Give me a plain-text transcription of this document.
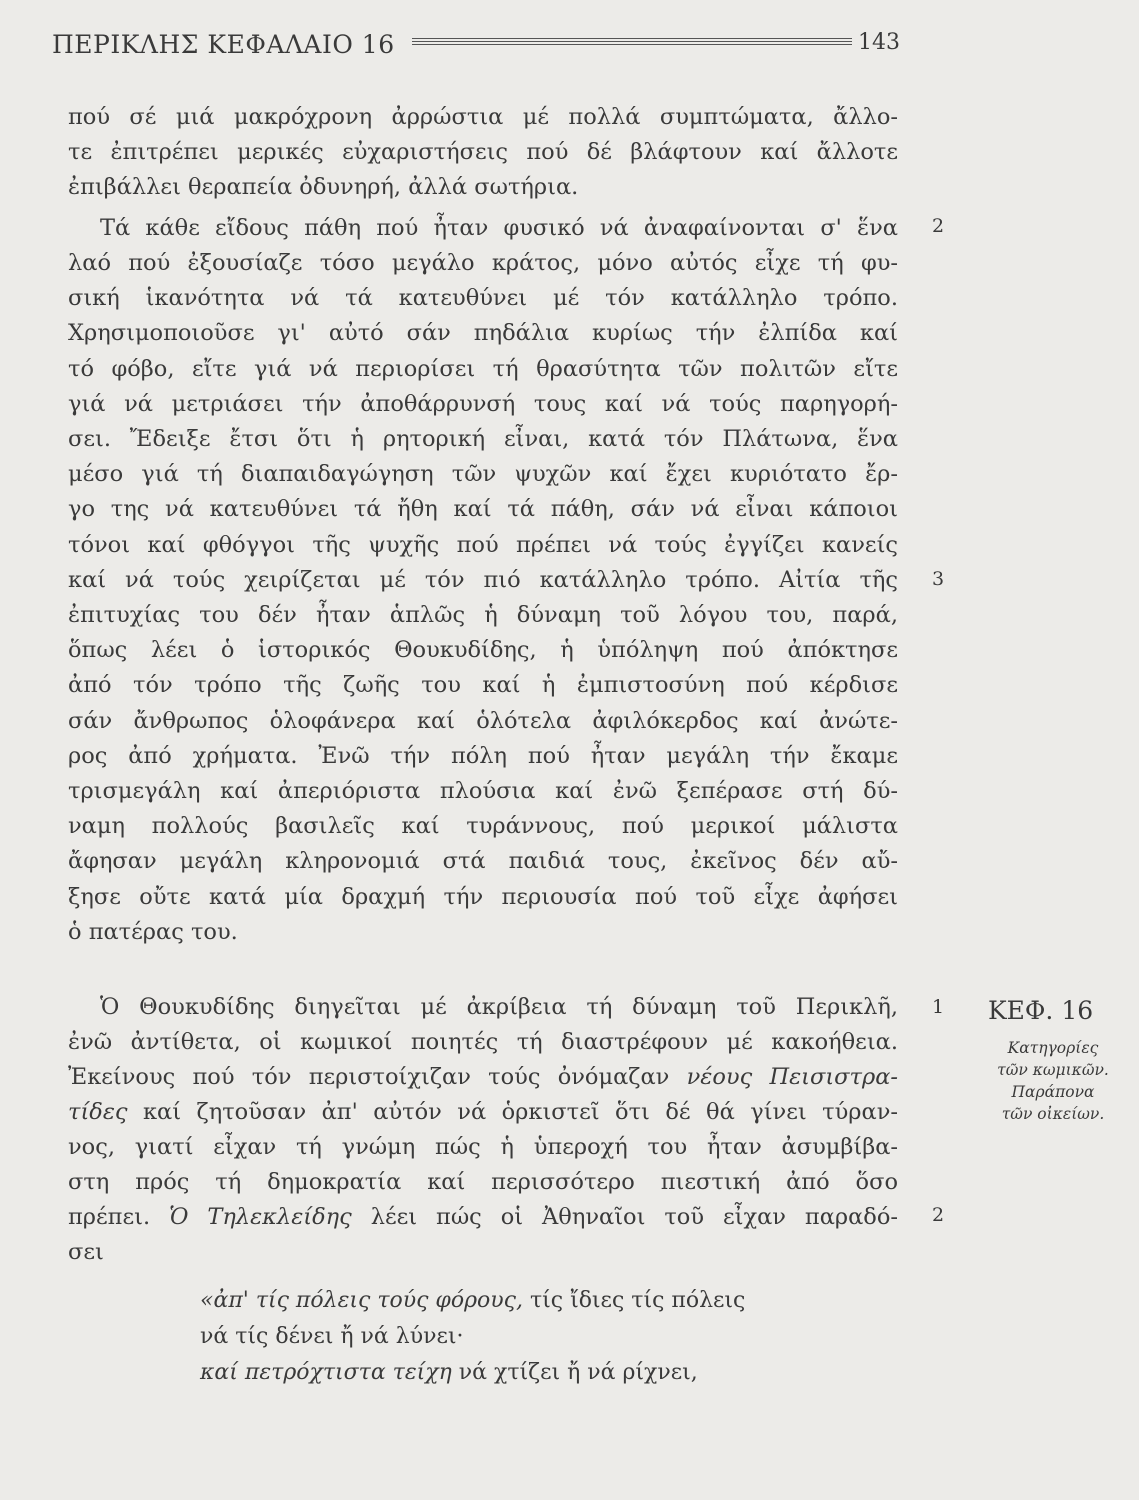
ΠΕΡΙΚΛΗΣ ΚΕΦΑΛΑΙΟ 16	143
πού σέ μιά μακρόχρονη ἀρρώστια μέ πολλά συμπτώματα, ἄλλο-
τε ἐπιτρέπει μερικές εὐχαριστήσεις πού δέ βλάφτουν καί ἄλλοτε
ἐπιβάλλει θεραπεία ὀδυνηρή, ἀλλά σωτήρια.
Τά κάθε εἴδους πάθη πού ἦταν φυσικό νά ἀναφαίνονται σ' ἕνα
λαό πού ἐξουσίαζε τόσο μεγάλο κράτος, μόνο αὐτός εἶχε τή φυ-
σική ἱκανότητα νά τά κατευθύνει μέ τόν κατάλληλο τρόπο.
Χρησιμοποιοῦσε γι' αὐτό σάν πηδάλια κυρίως τήν ἐλπίδα καί
τό φόβο, εἴτε γιά νά περιορίσει τή θρασύτητα τῶν πολιτῶν εἴτε
γιά νά μετριάσει τήν ἀποθάρρυνσή τους καί νά τούς παρηγορή-
σει. Ἔδειξε ἔτσι ὅτι ἡ ρητορική εἶναι, κατά τόν Πλάτωνα, ἕνα
μέσο γιά τή διαπαιδαγώγηση τῶν ψυχῶν καί ἔχει κυριότατο ἔρ-
γο της νά κατευθύνει τά ἤθη καί τά πάθη, σάν νά εἶναι κάποιοι
τόνοι καί φθόγγοι τῆς ψυχῆς πού πρέπει νά τούς ἐγγίζει κανείς
καί νά τούς χειρίζεται μέ τόν πιό κατάλληλο τρόπο. Αἰτία τῆς
ἐπιτυχίας του δέν ἦταν ἁπλῶς ἡ δύναμη τοῦ λόγου του, παρά,
ὅπως λέει ὁ ἱστορικός Θουκυδίδης, ἡ ὑπόληψη πού ἀπόκτησε
ἀπό τόν τρόπο τῆς ζωῆς του καί ἡ ἐμπιστοσύνη πού κέρδισε
σάν ἄνθρωπος ὁλοφάνερα καί ὁλότελα ἀφιλόκερδος καί ἀνώτε-
ρος ἀπό χρήματα. Ἐνῶ τήν πόλη πού ἦταν μεγάλη τήν ἔκαμε
τρισμεγάλη καί ἀπεριόριστα πλούσια καί ἐνῶ ξεπέρασε στή δύ-
ναμη πολλούς βασιλεῖς καί τυράννους, πού μερικοί μάλιστα
ἄφησαν μεγάλη κληρονομιά στά παιδιά τους, ἐκεῖνος δέν αὔ-
ξησε οὔτε κατά μία δραχμή τήν περιουσία πού τοῦ εἶχε ἀφήσει
ὁ πατέρας του.
Ὁ Θουκυδίδης διηγεῖται μέ ἀκρίβεια τή δύναμη τοῦ Περικλῆ,
ἐνῶ ἀντίθετα, οἱ κωμικοί ποιητές τή διαστρέφουν μέ κακοήθεια.
Ἐκείνους πού τόν περιστοίχιζαν τούς ὀνόμαζαν νέους Πεισιστρα-
τίδες καί ζητοῦσαν ἀπ' αὐτόν νά ὁρκιστεῖ ὅτι δέ θά γίνει τύραν-
νος, γιατί εἶχαν τή γνώμη πώς ἡ ὑπεροχή του ἦταν ἀσυμβίβα-
στη πρός τή δημοκρατία καί περισσότερο πιεστική ἀπό ὅσο
πρέπει. Ὁ Τηλεκλείδης λέει πώς οἱ Ἀθηναῖοι τοῦ εἶχαν παραδό-
σει
«ἀπ' τίς πόλεις τούς φόρους, τίς ἴδιες τίς πόλεις
νά τίς δένει ἤ νά λύνει·
καί πετρόχτιστα τείχη νά χτίζει ἤ νά ρίχνει,
2
3
1
2
ΚΕΦ. 16
Κατηγορίες
τῶν κωμικῶν.
Παράπονα
τῶν οἰκείων.
